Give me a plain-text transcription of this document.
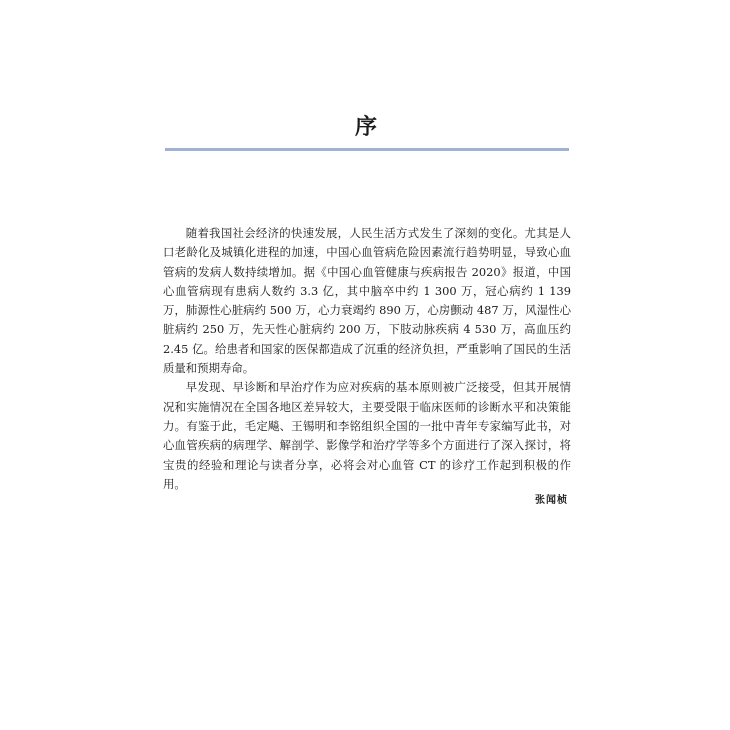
序

随着我国社会经济的快速发展，人民生活方式发生了深刻的变化。尤其是人口老龄化及城镇化进程的加速，中国心血管病危险因素流行趋势明显，导致心血管病的发病人数持续增加。据《中国心血管健康与疾病报告 2020》报道，中国心血管病现有患病人数约 3.3 亿，其中脑卒中约 1 300 万，冠心病约 1 139 万，肺源性心脏病约 500 万，心力衰竭约 890 万，心房颤动 487 万，风湿性心脏病约 250 万，先天性心脏病约 200 万，下肢动脉疾病 4 530 万，高血压约 2.45 亿。给患者和国家的医保都造成了沉重的经济负担，严重影响了国民的生活质量和预期寿命。

早发现、早诊断和早治疗作为应对疾病的基本原则被广泛接受，但其开展情况和实施情况在全国各地区差异较大，主要受限于临床医师的诊断水平和决策能力。有鉴于此，毛定飚、王锡明和李铭组织全国的一批中青年专家编写此书，对心血管疾病的病理学、解剖学、影像学和治疗学等多个方面进行了深入探讨，将宝贵的经验和理论与读者分享，必将会对心血管 CT 的诊疗工作起到积极的作用。

张闻桢
